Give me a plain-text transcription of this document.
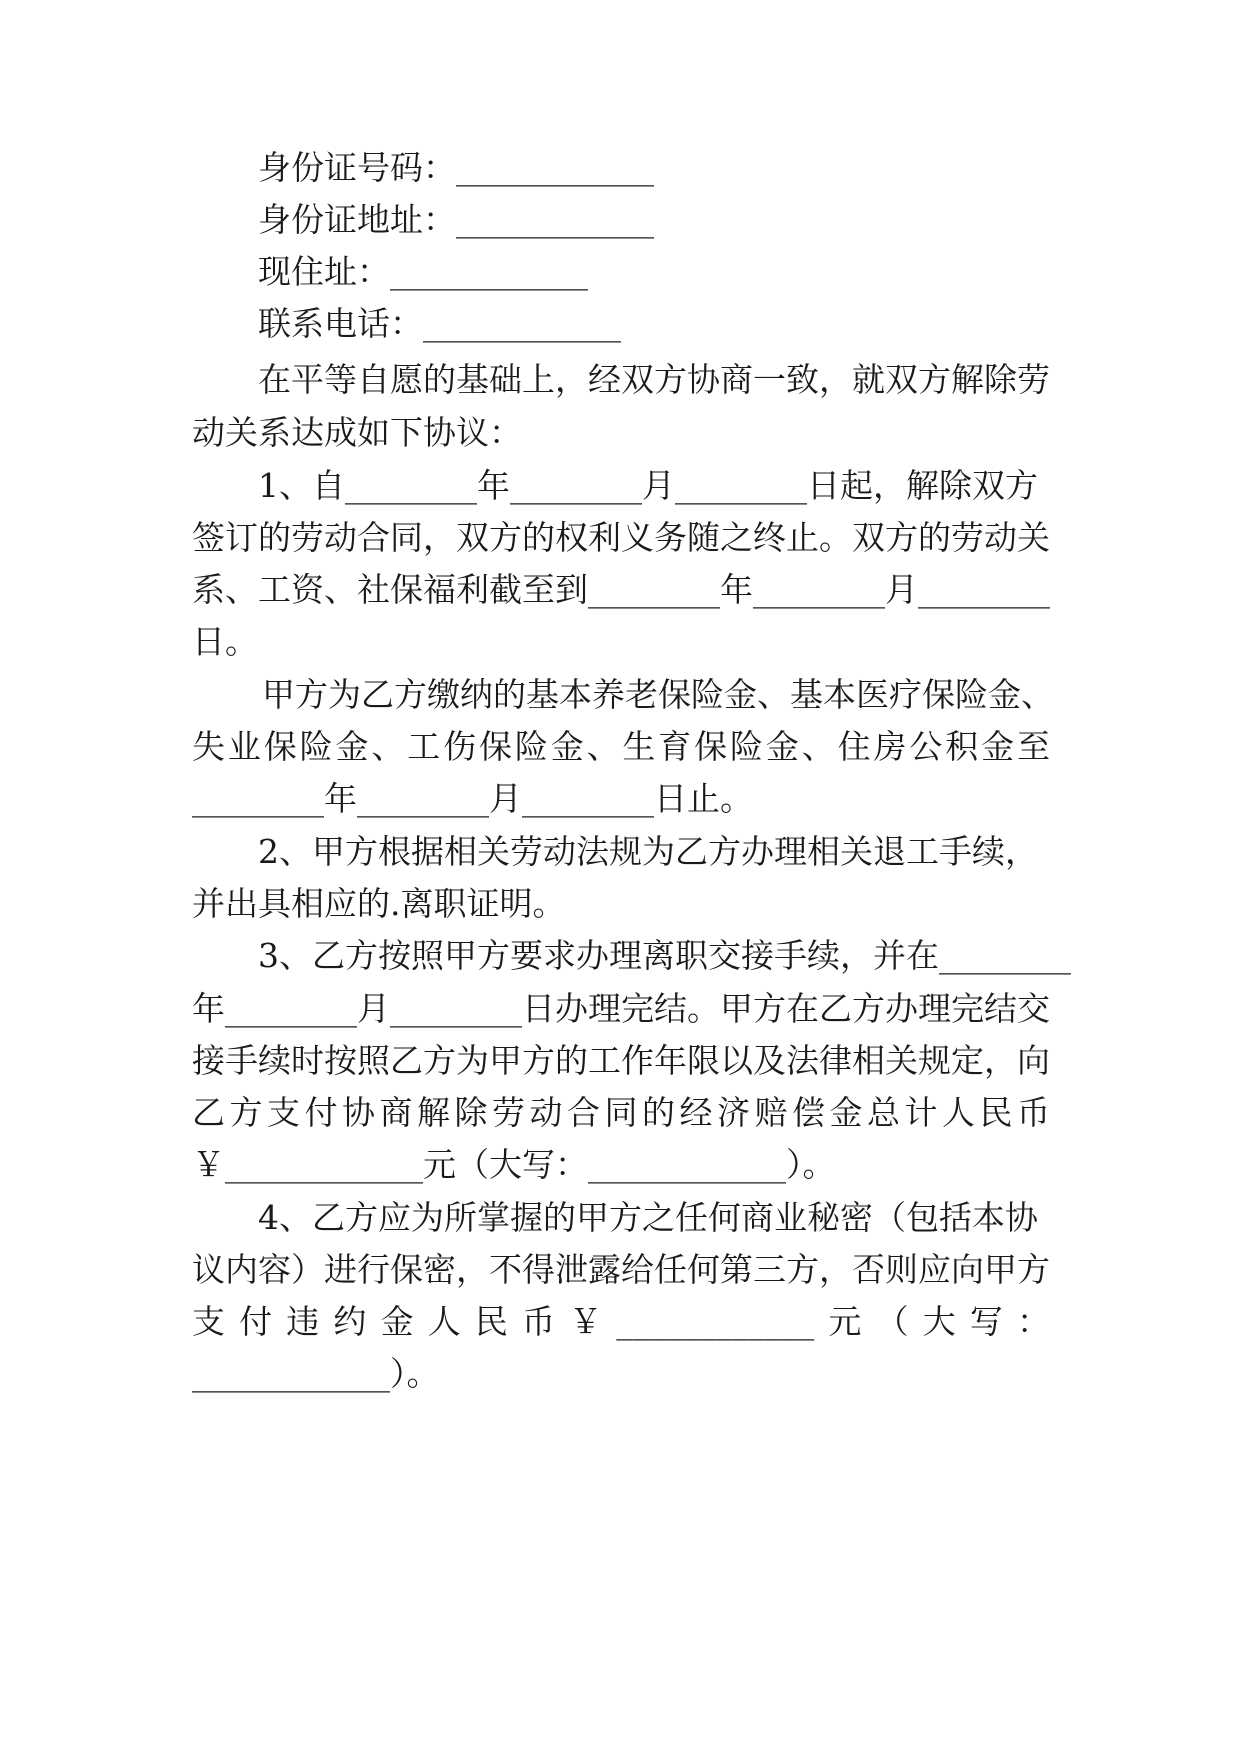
身份证号码：____________
身份证地址：____________
现住址：____________
联系电话：____________
在平等自愿的基础上，经双方协商一致，就双方解除劳
动关系达成如下协议：
1、自________年________月________日起，解除双方
签订的劳动合同，双方的权利义务随之终止。双方的劳动关
系、工资、社保福利截至到________年________月________
日。
甲方为乙方缴纳的基本养老保险金、基本医疗保险金、
失业保险金、工伤保险金、生育保险金、住房公积金至
________年________月________日止。
2、甲方根据相关劳动法规为乙方办理相关退工手续，
并出具相应的.离职证明。
3、乙方按照甲方要求办理离职交接手续，并在________
年________月________日办理完结。甲方在乙方办理完结交
接手续时按照乙方为甲方的工作年限以及法律相关规定，向
乙方支付协商解除劳动合同的经济赔偿金总计人民币
￥____________元（大写：____________）。
4、乙方应为所掌握的甲方之任何商业秘密（包括本协
议内容）进行保密，不得泄露给任何第三方，否则应向甲方
支付违约金人民币￥____________元（大写：
____________）。
